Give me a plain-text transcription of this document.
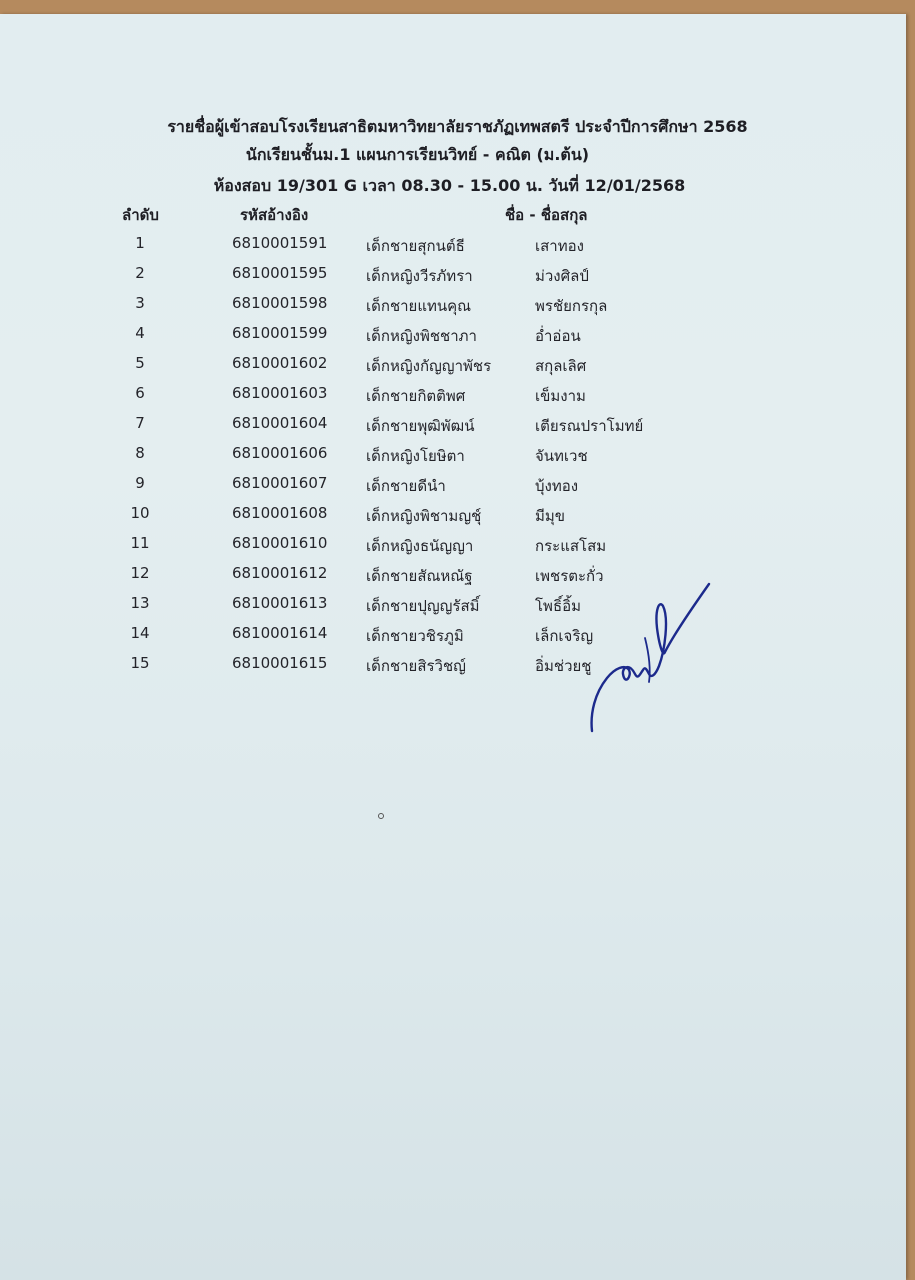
รายชื่อผู้เข้าสอบโรงเรียนสาธิตมหาวิทยาลัยราชภัฏเทพสตรี ประจำปีการศึกษา 2568
นักเรียนชั้นม.1 แผนการเรียนวิทย์ - คณิต (ม.ต้น)
ห้องสอบ 19/301 G เวลา 08.30 - 15.00 น. วันที่ 12/01/2568
ลำดับ	รหัสอ้างอิง	ชื่อ - ชื่อสกุล
1	6810001591	เด็กชายสุกนต์ธี	เสาทอง
2	6810001595	เด็กหญิงวีรภัทรา	ม่วงศิลป์
3	6810001598	เด็กชายแทนคุณ	พรชัยกรกุล
4	6810001599	เด็กหญิงพิชชาภา	อ่ำอ่อน
5	6810001602	เด็กหญิงกัญญาพัชร	สกุลเลิศ
6	6810001603	เด็กชายกิตติพศ	เข็มงาม
7	6810001604	เด็กชายพุฒิพัฒน์	เตียรณปราโมทย์
8	6810001606	เด็กหญิงโยษิตา	จันทเวช
9	6810001607	เด็กชายดีนำ	บุ้งทอง
10	6810001608	เด็กหญิงพิชามญชุ์	มีมุข
11	6810001610	เด็กหญิงธนัญญา	กระแสโสม
12	6810001612	เด็กชายสัณหณัฐ	เพชรตะกั่ว
13	6810001613	เด็กชายปุญญรัสมิ์	โพธิ์อิ้ม
14	6810001614	เด็กชายวชิรภูมิ	เล็กเจริญ
15	6810001615	เด็กชายสิรวิชญ์	อิ่มช่วยชู
